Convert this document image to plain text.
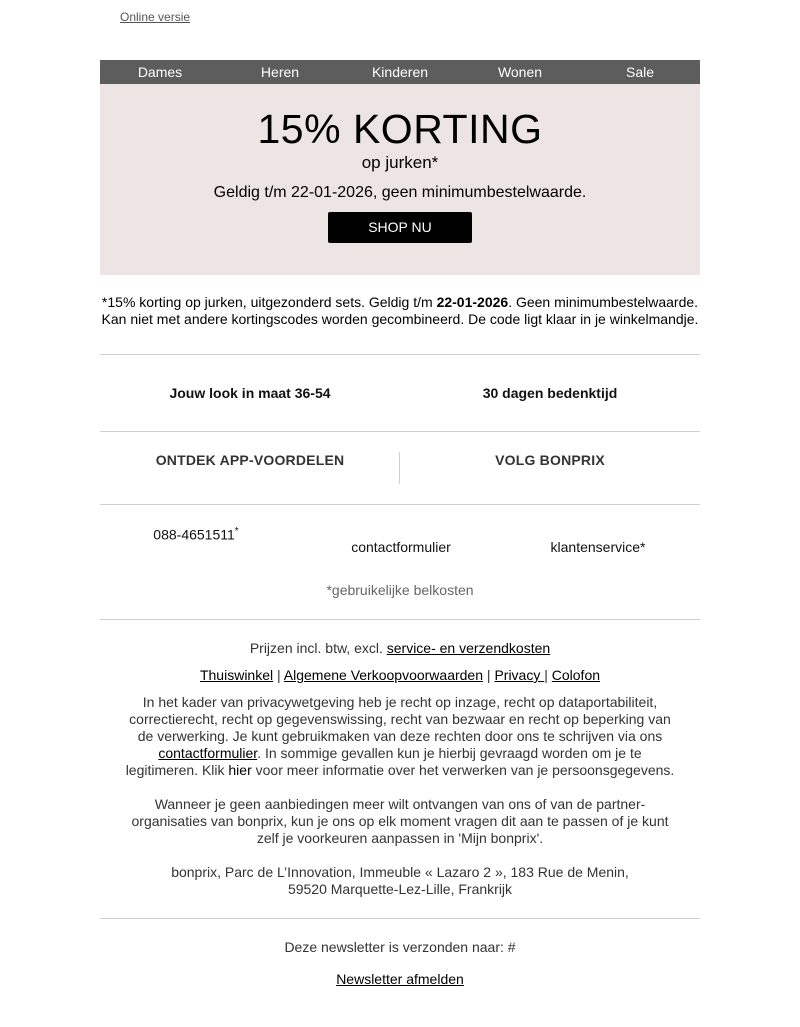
Online versie
Dames	Heren	Kinderen	Wonen	Sale
15% KORTING
op jurken*
Geldig t/m 22-01-2026, geen minimumbestelwaarde.
SHOP NU
*15% korting op jurken, uitgezonderd sets. Geldig t/m 22-01-2026. Geen minimumbestelwaarde.
Kan niet met andere kortingscodes worden gecombineerd. De code ligt klaar in je winkelmandje.
Jouw look in maat 36-54	30 dagen bedenktijd
ONTDEK APP-VOORDELEN	VOLG BONPRIX
088-4651511*
contactformulier	klantenservice*
*gebruikelijke belkosten
Prijzen incl. btw, excl. service- en verzendkosten
Thuiswinkel | Algemene Verkoopvoorwaarden | Privacy | Colofon
In het kader van privacywetgeving heb je recht op inzage, recht op dataportabiliteit, correctierecht, recht op gegevenswissing, recht van bezwaar en recht op beperking van de verwerking. Je kunt gebruikmaken van deze rechten door ons te schrijven via ons contactformulier. In sommige gevallen kun je hierbij gevraagd worden om je te legitimeren. Klik hier voor meer informatie over het verwerken van je persoonsgegevens.
Wanneer je geen aanbiedingen meer wilt ontvangen van ons of van de partner-organisaties van bonprix, kun je ons op elk moment vragen dit aan te passen of je kunt zelf je voorkeuren aanpassen in 'Mijn bonprix'.
bonprix, Parc de L’Innovation, Immeuble « Lazaro 2 », 183 Rue de Menin, 59520 Marquette-Lez-Lille, Frankrijk
Deze newsletter is verzonden naar: #
Newsletter afmelden
